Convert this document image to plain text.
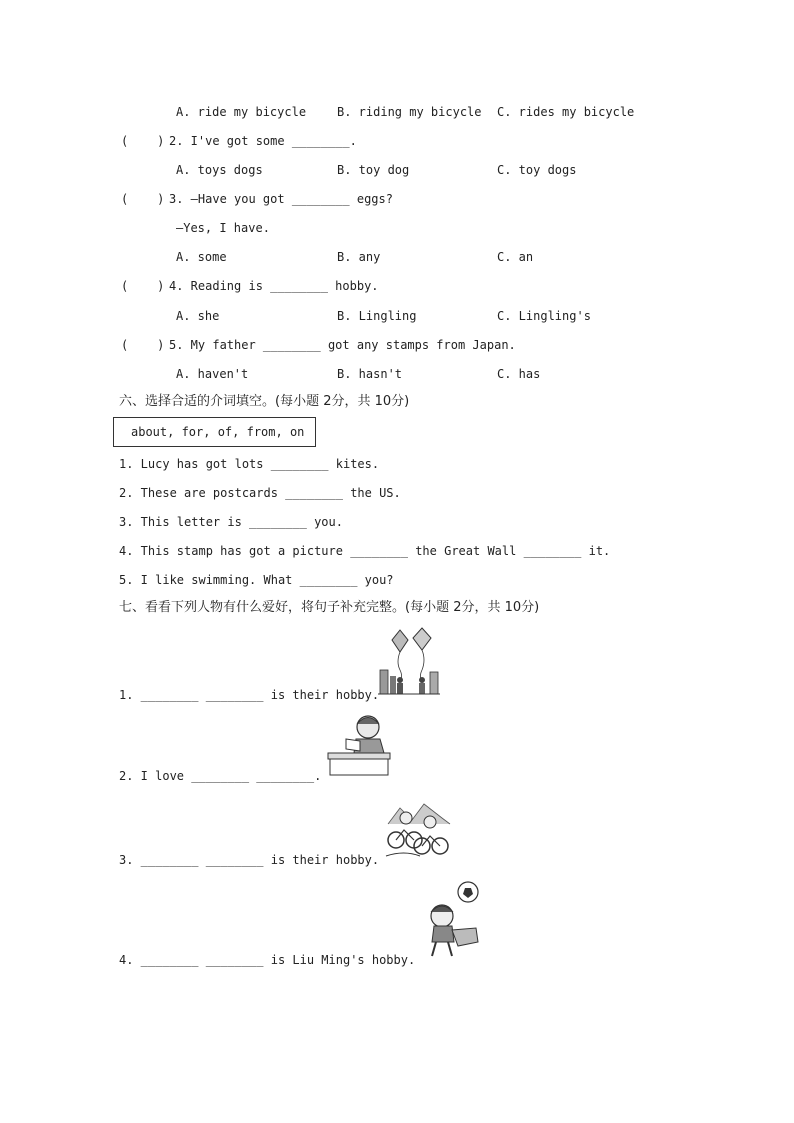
A. ride my bicycle	B. riding my bicycle C. rides my bicycle
(    ) 2. I've got some ________.
A. toys dogs	B. toy dog	C. toy dogs
(    ) 3. —Have you got ________ eggs?
—Yes, I have.
A. some	B. any	C. an
(    ) 4. Reading is ________ hobby.
A. she	B. Lingling	C. Lingling's
(    ) 5. My father ________ got any stamps from Japan.
A. haven't	B. hasn't	C. has
六、选择合适的介词填空。(每小题 2分，共 10分)
about, for, of, from, on
1. Lucy has got lots ________ kites.
2. These are postcards ________ the US.
3. This letter is ________ you.
4. This stamp has got a picture ________ the Great Wall ________ it.
5. I like swimming. What ________ you?
七、看看下列人物有什么爱好，将句子补充完整。(每小题 2分，共 10分)
1. ________ ________ is their hobby.
2. I love ________ ________.
3. ________ ________ is their hobby.
4. ________ ________ is Liu Ming's hobby.
